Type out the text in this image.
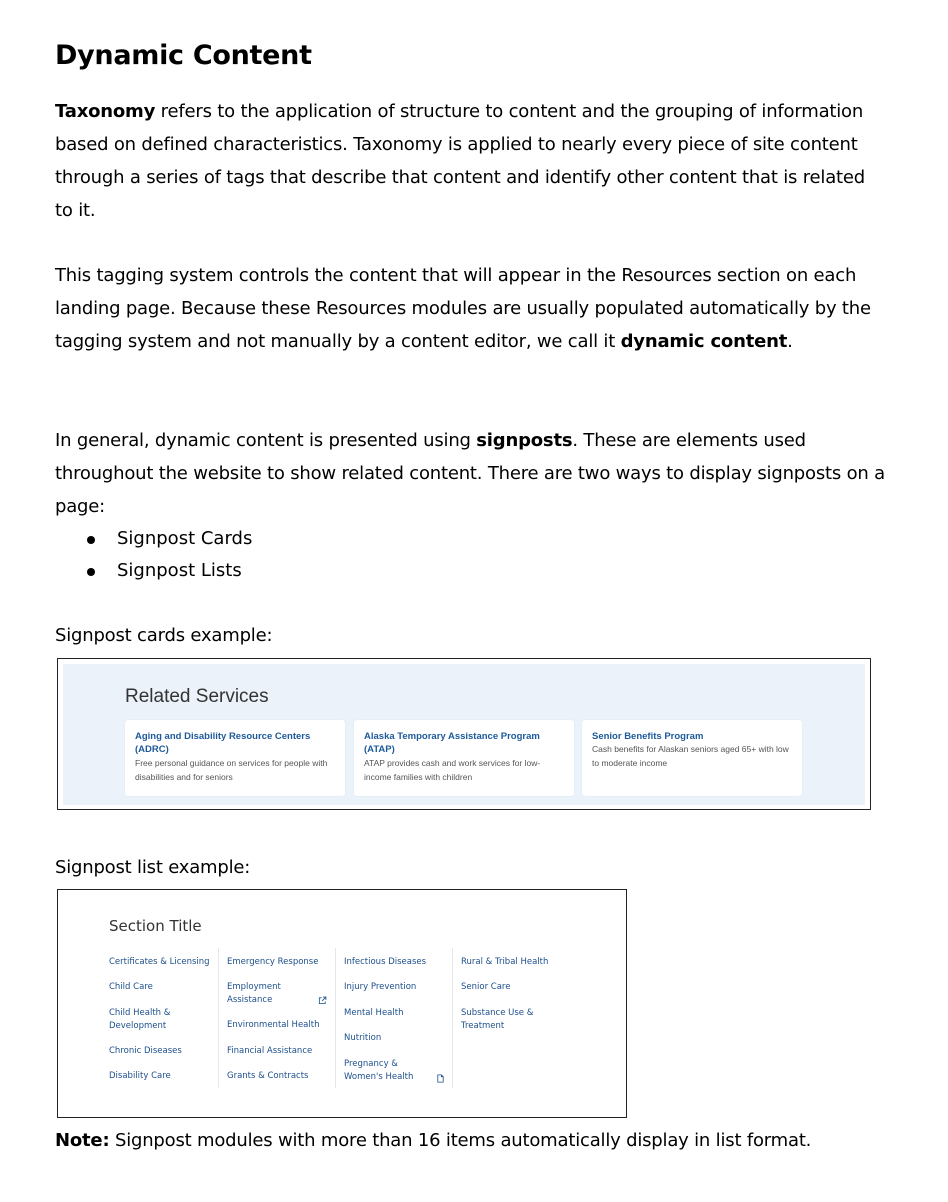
Dynamic Content

Taxonomy refers to the application of structure to content and the grouping of information based on defined characteristics. Taxonomy is applied to nearly every piece of site content through a series of tags that describe that content and identify other content that is related to it.

This tagging system controls the content that will appear in the Resources section on each landing page. Because these Resources modules are usually populated automatically by the tagging system and not manually by a content editor, we call it dynamic content.

In general, dynamic content is presented using signposts. These are elements used throughout the website to show related content. There are two ways to display signposts on a page:

Signpost Cards
Signpost Lists

Signpost cards example:

Related Services
Aging and Disability Resource Centers (ADRC)
Free personal guidance on services for people with disabilities and for seniors
Alaska Temporary Assistance Program (ATAP)
ATAP provides cash and work services for low-income families with children
Senior Benefits Program
Cash benefits for Alaskan seniors aged 65+ with low to moderate income

Signpost list example:

Section Title
Certificates & Licensing
Child Care
Child Health & Development
Chronic Diseases
Disability Care
Emergency Response
Employment Assistance
Environmental Health
Financial Assistance
Grants & Contracts
Infectious Diseases
Injury Prevention
Mental Health
Nutrition
Pregnancy & Women's Health
Rural & Tribal Health
Senior Care
Substance Use & Treatment

Note: Signpost modules with more than 16 items automatically display in list format.
